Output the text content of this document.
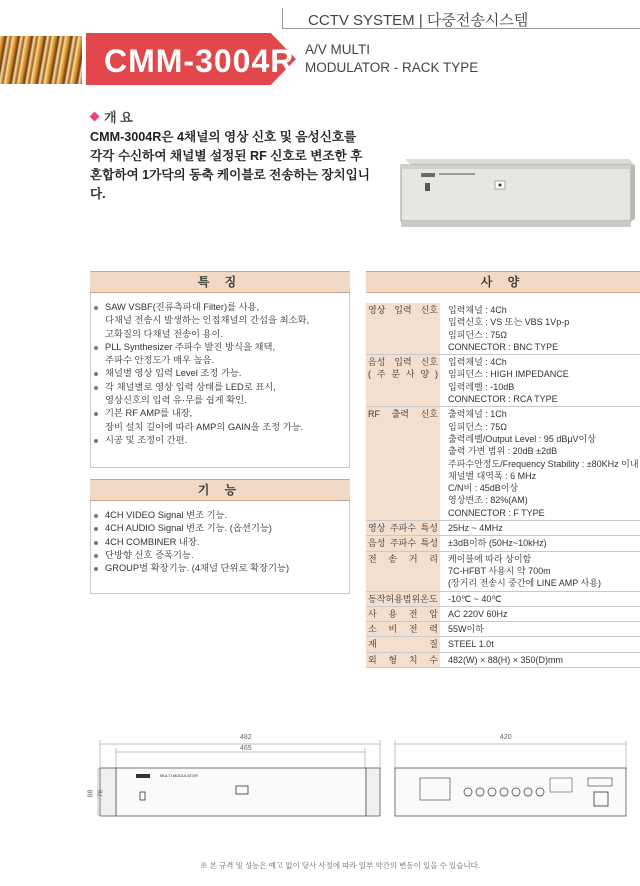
CCTV SYSTEM | 다중전송시스템
CMM-3004R A/V MULTI
MODULATOR - RACK TYPE
개 요
CMM-3004R은 4채널의 영상 신호 및 음성신호를 각각 수신하여 채널별 설정된 RF 신호로 변조한 후 혼합하여 1가닥의 동축 케이블로 전송하는 장치입니다.
특 징
SAW VSBF(진류측파대 Filter)를 사용,
다채널 전송시 발생하는 인접채널의 간섭을 최소화,
고화질의 다채널 전송이 용이.
PLL Synthesizer 주파수 발진 방식을 채택,
주파수 안정도가 매우 높음.
채널별 영상 입력 Level 조정 가능.
각 채널별로 영상 입력 상태를 LED로 표시,
영상신호의 입력 유·무를 쉽게 확인.
기본 RF AMP를 내장,
장비 설치 길이에 따라 AMP의 GAIN을 조정 가능.
시공 및 조정이 간편.
기 능
4CH VIDEO Signal 변조 기능.
4CH AUDIO Signal 변조 기능. (옵션기능)
4CH COMBINER 내장.
단방향 신호 증폭기능.
GROUP별 확장기능. (4채널 단위로 확장기능)
사 양
영상 입력 신호 입력채널 : 4Ch
입력신호 : VS 또는 VBS 1Vp-p
임피던스 : 75Ω
CONNECTOR : BNC TYPE
음성 입력 신호
( 주 분 사 양 )
입력채널 : 4Ch
임피던스 : HIGH IMPEDANCE
입력레벨 : -10dB
CONNECTOR : RCA TYPE
RF 출력 신호 출력채널 : 1Ch
임피던스 : 75Ω
출력레벨/Output Level : 95 dBμV이상
출력 가변 범위 : 20dB ±2dB
주파수안정도/Frequency Stability : ±80KHz 이내
채널별 대역폭 : 6 MHz
C/N비 : 45dB이상
영상변조 : 82%(AM)
CONNECTOR : F TYPE
영상 주파수 특성 25Hz ~ 4MHz
음성 주파수 특성 ±3dB이하 (50Hz~10kHz)
전 송 거 리 케이블에 따라 상이함
7C-HFBT 사용시 약 700m
(장거리 전송시 중간에 LINE AMP 사용)
동작허용범위온도 -10℃ ~ 40℃
사 용 전 압 AC 220V 60Hz
소 비 전 력 55W이하
재 질 STEEL 1.0t
외 형 치 수 482(W) × 88(H) × 350(D)mm
482
465
420
88 76
MULTI MODULATOR
※ 본 규격 및 성능은 예고 없이 당사 사정에 따라 일부 약간의 변동이 있을 수 있습니다.
